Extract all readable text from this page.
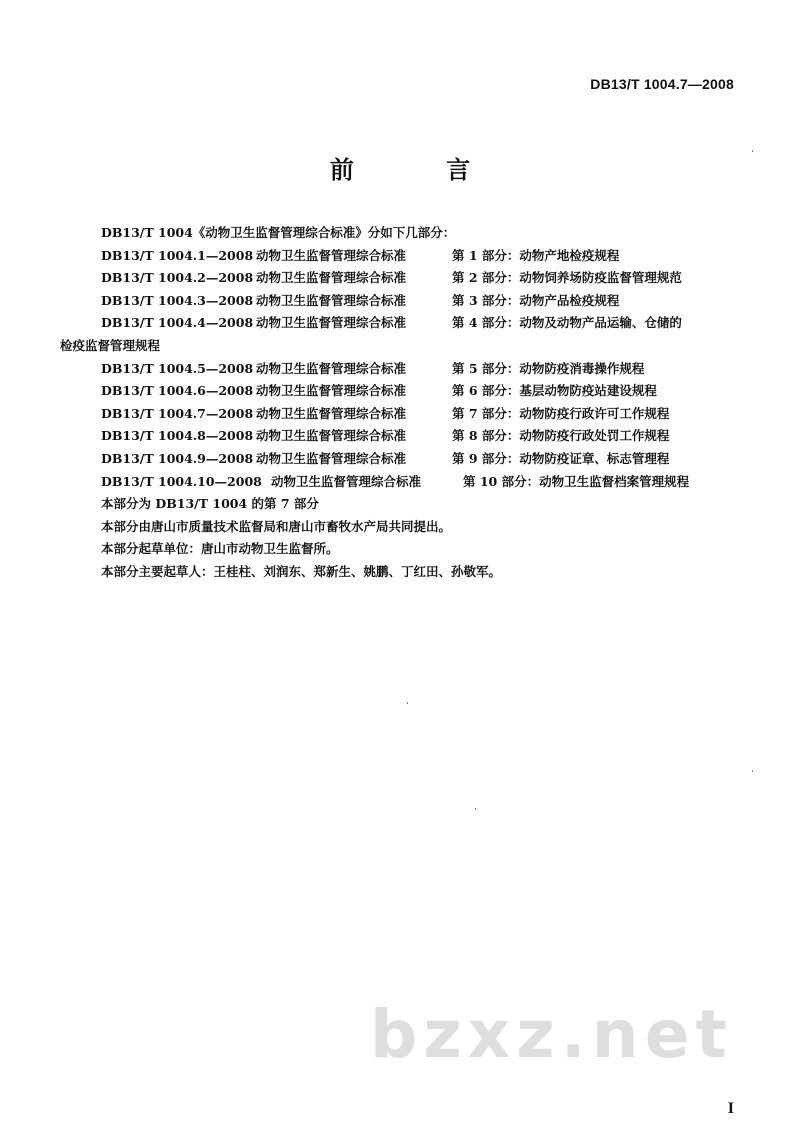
DB13/T 1004.7—2008
前 言

DB13/T 1004《动物卫生监督管理综合标准》分如下几部分：

DB13/T 1004.1—2008 动物卫生监督管理综合标准	第 1 部分：动物产地检疫规程
DB13/T 1004.2—2008 动物卫生监督管理综合标准	第 2 部分：动物饲养场防疫监督管理规范
DB13/T 1004.3—2008 动物卫生监督管理综合标准	第 3 部分：动物产品检疫规程
DB13/T 1004.4—2008 动物卫生监督管理综合标准	第 4 部分：动物及动物产品运输、仓储的

检疫监督管理规程

DB13/T 1004.5—2008 动物卫生监督管理综合标准	第 5 部分：动物防疫消毒操作规程
DB13/T 1004.6—2008 动物卫生监督管理综合标准	第 6 部分：基层动物防疫站建设规程
DB13/T 1004.7—2008 动物卫生监督管理综合标准	第 7 部分：动物防疫行政许可工作规程
DB13/T 1004.8—2008 动物卫生监督管理综合标准	第 8 部分：动物防疫行政处罚工作规程
DB13/T 1004.9—2008 动物卫生监督管理综合标准	第 9 部分：动物防疫证章、标志管理程
DB13/T 1004.10—2008 动物卫生监督管理综合标准	第 10 部分：动物卫生监督档案管理规程

本部分为 DB13/T 1004 的第 7 部分

本部分由唐山市质量技术监督局和唐山市畜牧水产局共同提出。

本部分起草单位：唐山市动物卫生监督所。

本部分主要起草人：王桂柱、刘润东、郑新生、姚鹏、丁红田、孙敬军。

bzxz.net
I
